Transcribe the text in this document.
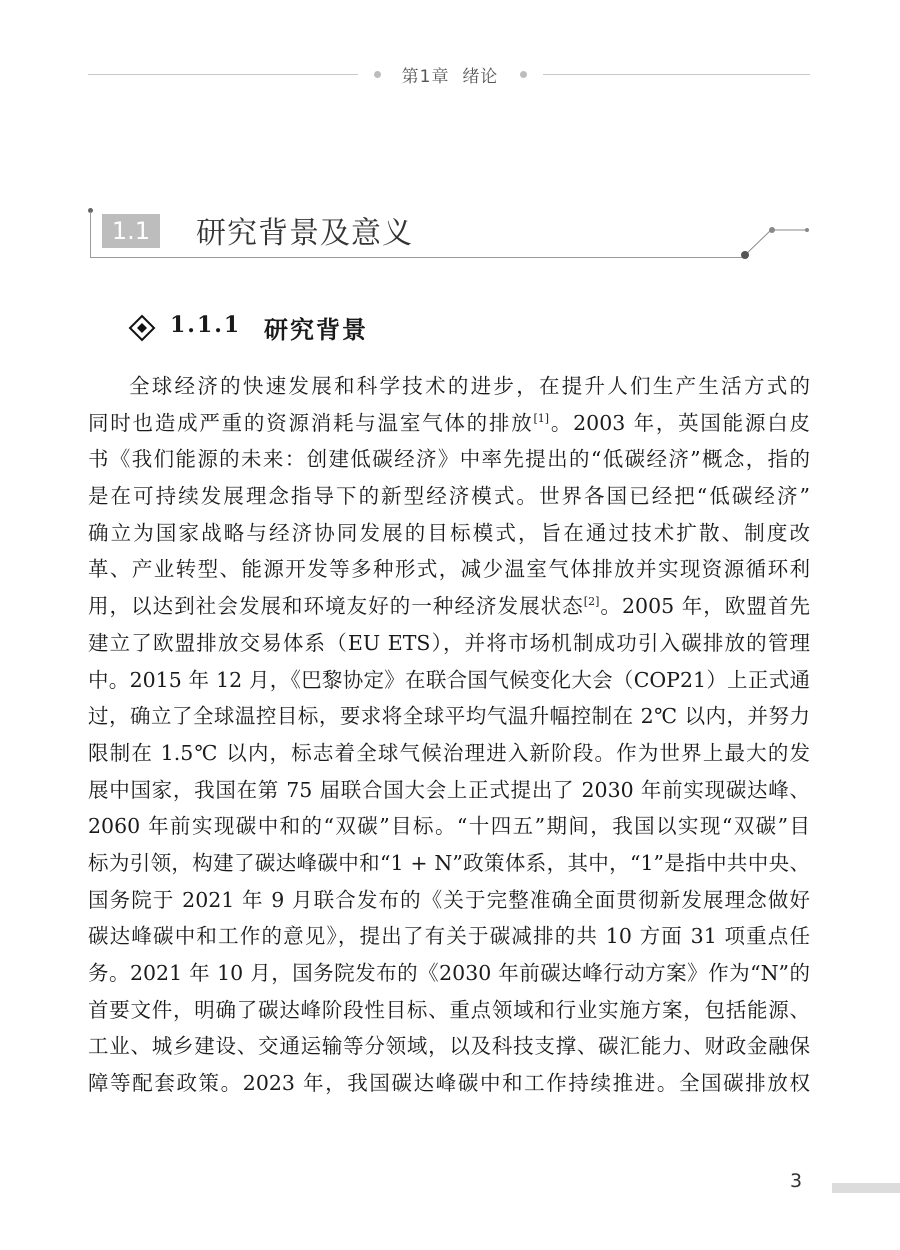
第1章 绪论
1.1	研究背景及意义
1.1.1 研究背景
全球经济的快速发展和科学技术的进步，在提升人们生产生活方式的
同时也造成严重的资源消耗与温室气体的排放[1]。2003 年，英国能源白皮
书《我们能源的未来：创建低碳经济》中率先提出的“低碳经济”概念，指的
是在可持续发展理念指导下的新型经济模式。世界各国已经把“低碳经济”
确立为国家战略与经济协同发展的目标模式，旨在通过技术扩散、制度改
革、产业转型、能源开发等多种形式，减少温室气体排放并实现资源循环利
用，以达到社会发展和环境友好的一种经济发展状态[2]。2005 年，欧盟首先
建立了欧盟排放交易体系（EU ETS），并将市场机制成功引入碳排放的管理
中。2015 年 12 月，《巴黎协定》在联合国气候变化大会（COP21）上正式通
过，确立了全球温控目标，要求将全球平均气温升幅控制在 2℃ 以内，并努力
限制在 1.5℃ 以内，标志着全球气候治理进入新阶段。作为世界上最大的发
展中国家，我国在第 75 届联合国大会上正式提出了 2030 年前实现碳达峰、
2060 年前实现碳中和的“双碳”目标。“十四五”期间，我国以实现“双碳”目
标为引领，构建了碳达峰碳中和“1 + N”政策体系，其中，“1”是指中共中央、
国务院于 2021 年 9 月联合发布的《关于完整准确全面贯彻新发展理念做好
碳达峰碳中和工作的意见》，提出了有关于碳减排的共 10 方面 31 项重点任
务。2021 年 10 月，国务院发布的《2030 年前碳达峰行动方案》作为“N”的
首要文件，明确了碳达峰阶段性目标、重点领域和行业实施方案，包括能源、
工业、城乡建设、交通运输等分领域，以及科技支撑、碳汇能力、财政金融保
障等配套政策。2023 年，我国碳达峰碳中和工作持续推进。全国碳排放权
3
